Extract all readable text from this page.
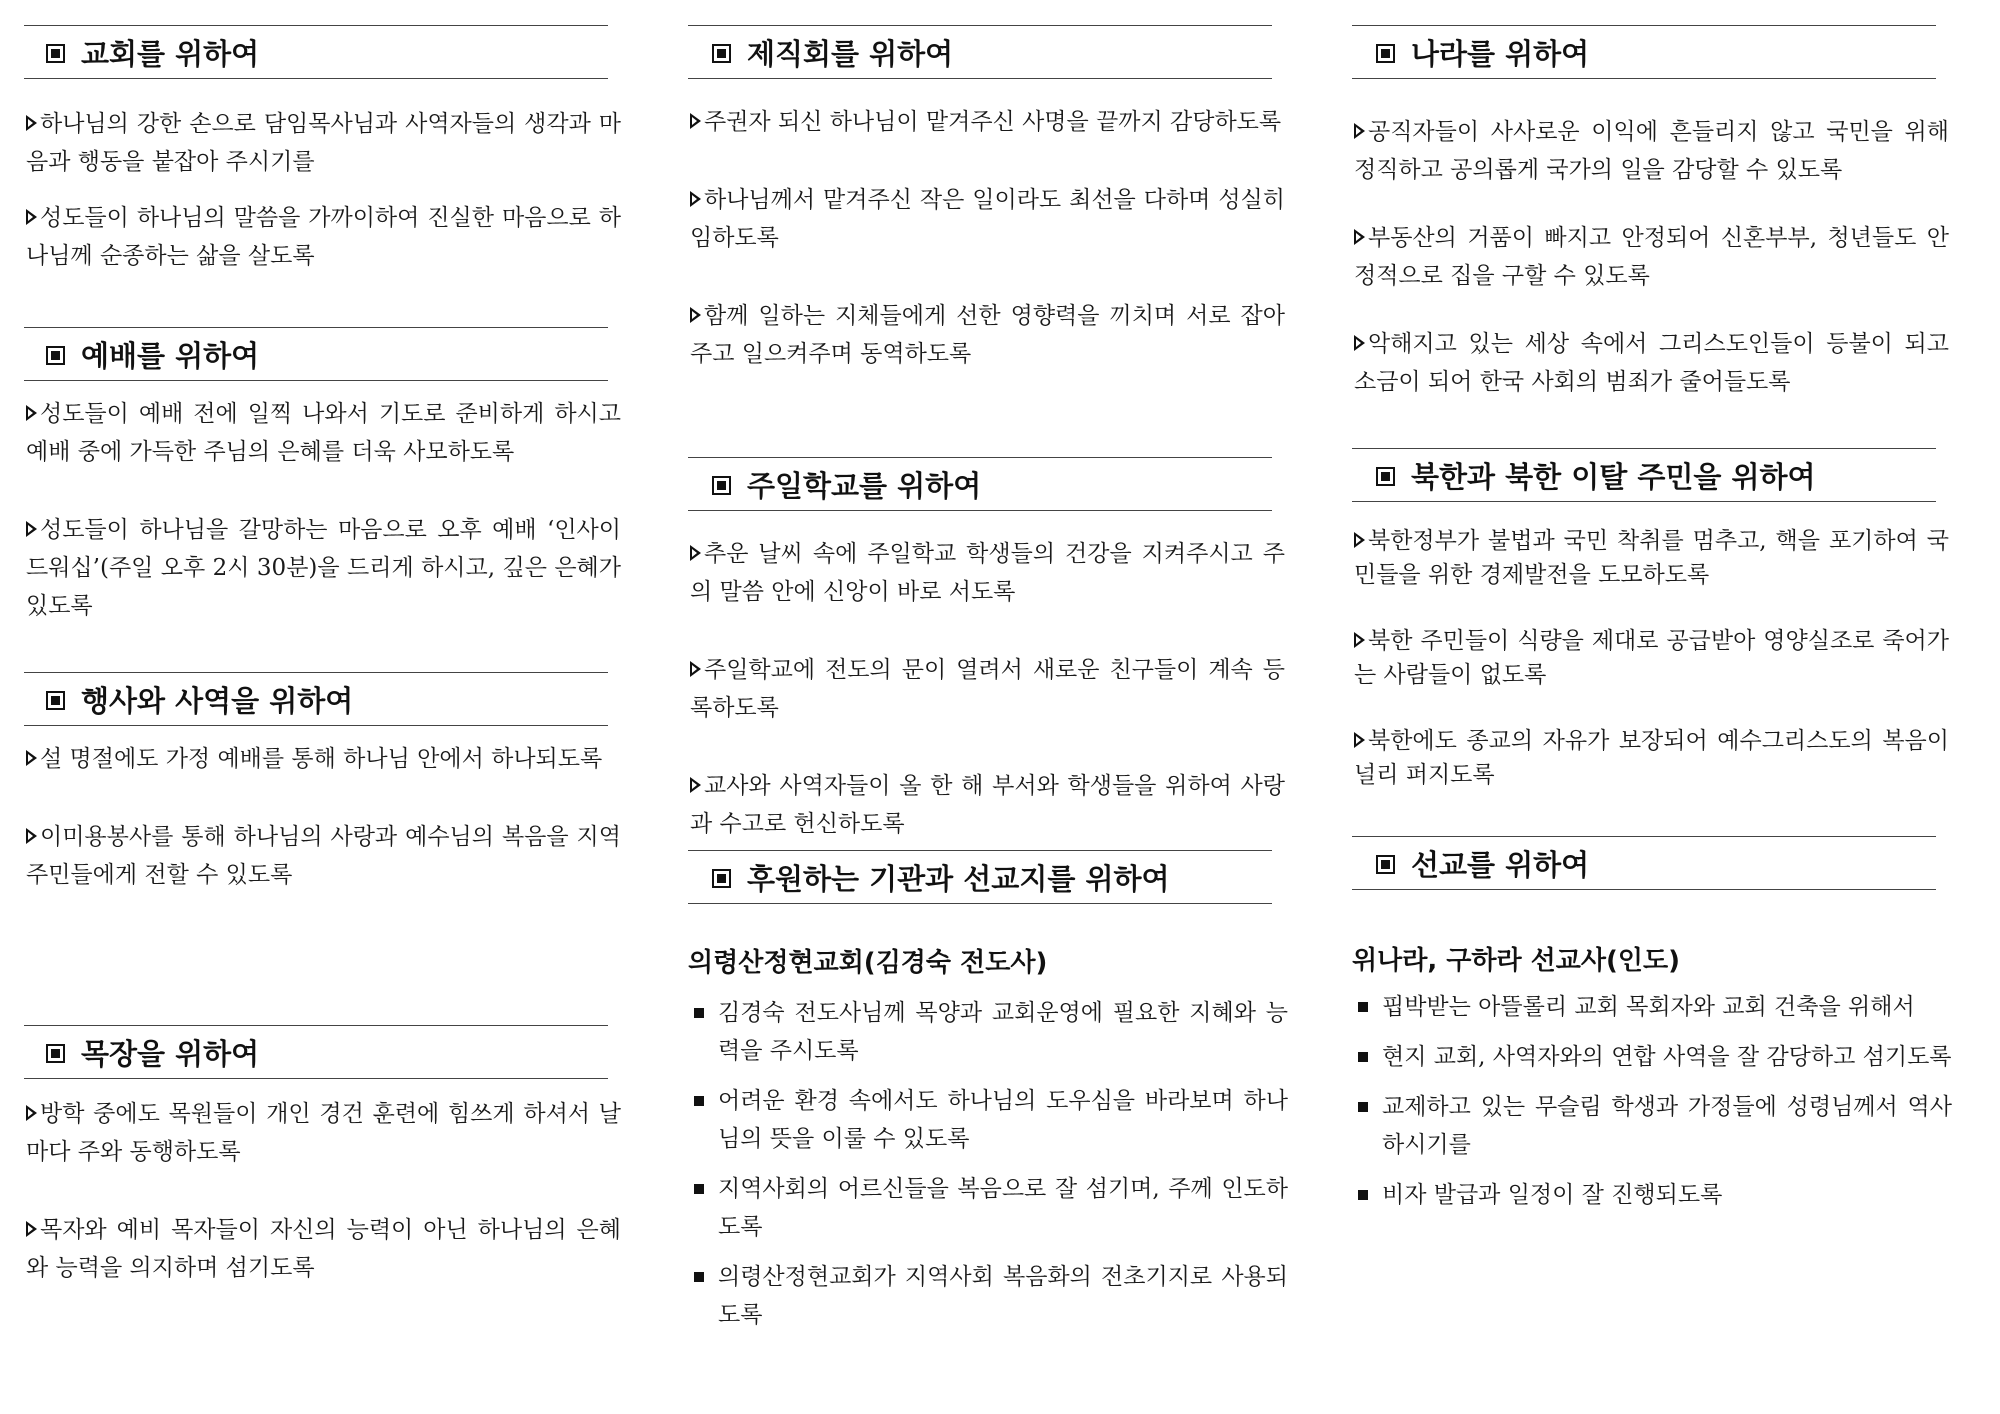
교회를 위하여
하나님의 강한 손으로 담임목사님과 사역자들의 생각과 마음과 행동을 붙잡아 주시기를
성도들이 하나님의 말씀을 가까이하여 진실한 마음으로 하나님께 순종하는 삶을 살도록
예배를 위하여
성도들이 예배 전에 일찍 나와서 기도로 준비하게 하시고 예배 중에 가득한 주님의 은혜를 더욱 사모하도록
성도들이 하나님을 갈망하는 마음으로 오후 예배 ‘인사이드워십’(주일 오후 2시 30분)을 드리게 하시고, 깊은 은혜가 있도록
행사와 사역을 위하여
설 명절에도 가정 예배를 통해 하나님 안에서 하나되도록
이미용봉사를 통해 하나님의 사랑과 예수님의 복음을 지역주민들에게 전할 수 있도록
목장을 위하여
방학 중에도 목원들이 개인 경건 훈련에 힘쓰게 하셔서 날마다 주와 동행하도록
목자와 예비 목자들이 자신의 능력이 아닌 하나님의 은혜와 능력을 의지하며 섬기도록
제직회를 위하여
주권자 되신 하나님이 맡겨주신 사명을 끝까지 감당하도록
하나님께서 맡겨주신 작은 일이라도 최선을 다하며 성실히 임하도록
함께 일하는 지체들에게 선한 영향력을 끼치며 서로 잡아주고 일으켜주며 동역하도록
주일학교를 위하여
추운 날씨 속에 주일학교 학생들의 건강을 지켜주시고 주의 말씀 안에 신앙이 바로 서도록
주일학교에 전도의 문이 열려서 새로운 친구들이 계속 등록하도록
교사와 사역자들이 올 한 해 부서와 학생들을 위하여 사랑과 수고로 헌신하도록
후원하는 기관과 선교지를 위하여
의령산정현교회(김경숙 전도사)
김경숙 전도사님께 목양과 교회운영에 필요한 지혜와 능력을 주시도록
어려운 환경 속에서도 하나님의 도우심을 바라보며 하나님의 뜻을 이룰 수 있도록
지역사회의 어르신들을 복음으로 잘 섬기며, 주께 인도하도록
의령산정현교회가 지역사회 복음화의 전초기지로 사용되도록
나라를 위하여
공직자들이 사사로운 이익에 흔들리지 않고 국민을 위해 정직하고 공의롭게 국가의 일을 감당할 수 있도록
부동산의 거품이 빠지고 안정되어 신혼부부, 청년들도 안정적으로 집을 구할 수 있도록
악해지고 있는 세상 속에서 그리스도인들이 등불이 되고 소금이 되어 한국 사회의 범죄가 줄어들도록
북한과 북한 이탈 주민을 위하여
북한정부가 불법과 국민 착취를 멈추고, 핵을 포기하여 국민들을 위한 경제발전을 도모하도록
북한 주민들이 식량을 제대로 공급받아 영양실조로 죽어가는 사람들이 없도록
북한에도 종교의 자유가 보장되어 예수그리스도의 복음이 널리 퍼지도록
선교를 위하여
위나라, 구하라 선교사(인도)
핍박받는 아뜰롤리 교회 목회자와 교회 건축을 위해서
현지 교회, 사역자와의 연합 사역을 잘 감당하고 섬기도록
교제하고 있는 무슬림 학생과 가정들에 성령님께서 역사하시기를
비자 발급과 일정이 잘 진행되도록
